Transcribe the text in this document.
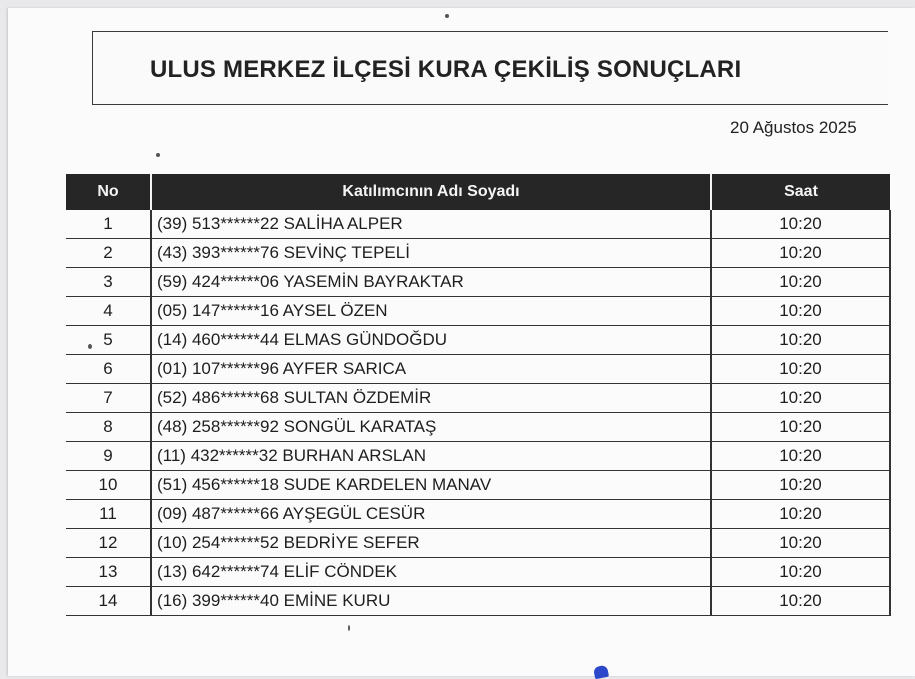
ULUS MERKEZ İLÇESİ KURA ÇEKİLİŞ SONUÇLARI
20 Ağustos 2025
No	Katılımcının Adı Soyadı	Saat
1	(39) 513******22 SALİHA ALPER	10:20
2	(43) 393******76 SEVİNÇ TEPELİ	10:20
3	(59) 424******06 YASEMİN BAYRAKTAR	10:20
4	(05) 147******16 AYSEL ÖZEN	10:20
5	(14) 460******44 ELMAS GÜNDOĞDU	10:20
6	(01) 107******96 AYFER SARICA	10:20
7	(52) 486******68 SULTAN ÖZDEMİR	10:20
8	(48) 258******92 SONGÜL KARATAŞ	10:20
9	(11) 432******32 BURHAN ARSLAN	10:20
10	(51) 456******18 SUDE KARDELEN MANAV	10:20
11	(09) 487******66 AYŞEGÜL CESÜR	10:20
12	(10) 254******52 BEDRİYE SEFER	10:20
13	(13) 642******74 ELİF CÖNDEK	10:20
14	(16) 399******40 EMİNE KURU	10:20
